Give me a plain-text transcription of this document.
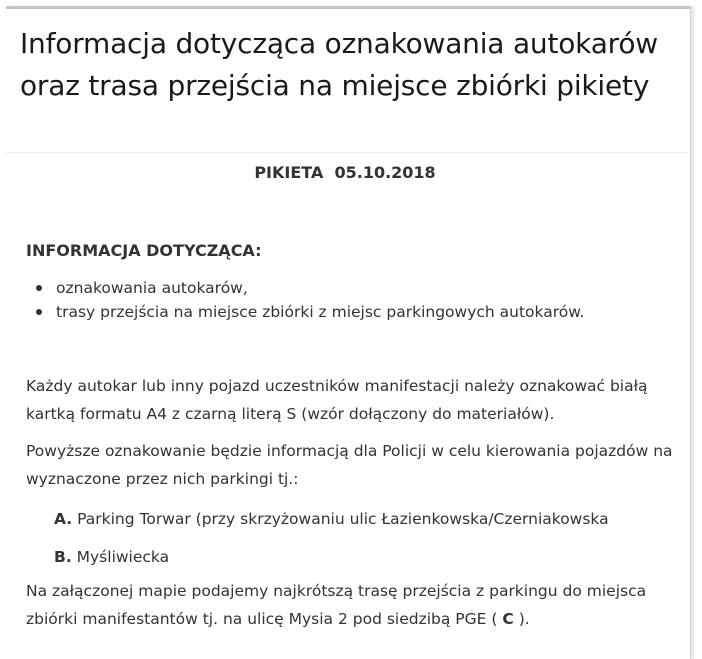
Informacja dotycząca oznakowania autokarów oraz trasa przejścia na miejsce zbiórki pikiety

PIKIETA  05.10.2018

INFORMACJA DOTYCZĄCA:

oznakowania autokarów,
trasy przejścia na miejsce zbiórki z miejsc parkingowych autokarów.

Każdy autokar lub inny pojazd uczestników manifestacji należy oznakować białą kartką formatu A4 z czarną literą S (wzór dołączony do materiałów).

Powyższe oznakowanie będzie informacją dla Policji w celu kierowania pojazdów na wyznaczone przez nich parkingi tj.:

A. Parking Torwar (przy skrzyżowaniu ulic Łazienkowska/Czerniakowska

B. Myśliwiecka

Na załączonej mapie podajemy najkrótszą trasę przejścia z parkingu do miejsca zbiórki manifestantów tj. na ulicę Mysia 2 pod siedzibą PGE ( C ).
